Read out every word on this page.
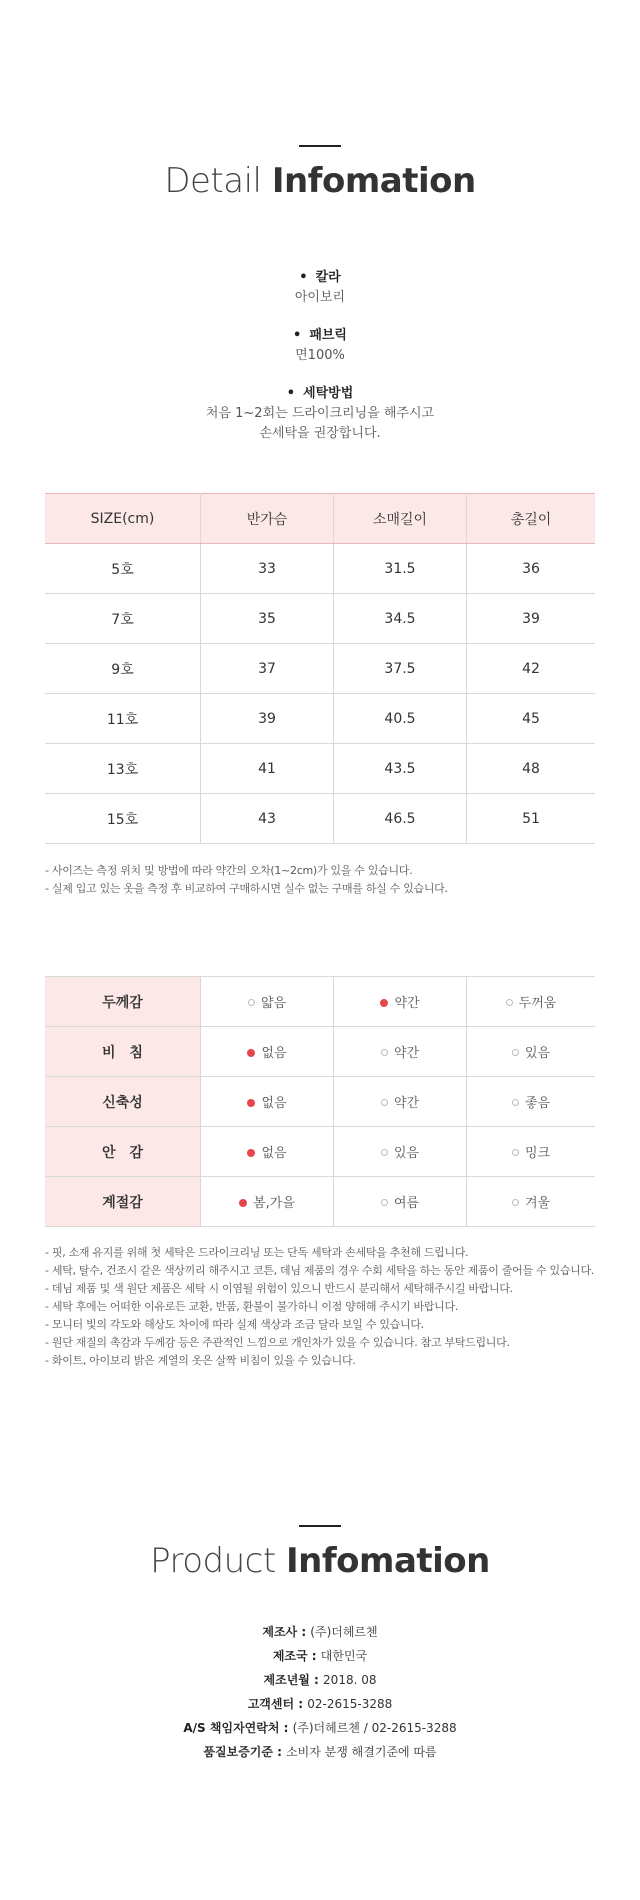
Detail Infomation
• 칼라
아이보리
• 패브릭
면100%
• 세탁방법
처음 1~2회는 드라이크리닝을 해주시고
손세탁을 권장합니다.
SIZE(cm)	반가슴	소매길이	총길이
5호	33	31.5	36
7호	35	34.5	39
9호	37	37.5	42
11호	39	40.5	45
13호	41	43.5	48
15호	43	46.5	51
- 사이즈는 측정 위치 및 방법에 따라 약간의 오차(1~2cm)가 있을 수 있습니다.
- 실제 입고 있는 옷을 측정 후 비교하여 구매하시면 실수 없는 구매를 하실 수 있습니다.
두께감	얇음	약간	두꺼움
비　침	없음	약간	있음
신축성	없음	약간	좋음
안　감	없음	있음	밍크
계절감	봄,가을	여름	겨울
- 핏, 소재 유지를 위해 첫 세탁은 드라이크리닝 또는 단독 세탁과 손세탁을 추천해 드립니다.
- 세탁, 탈수, 건조시 같은 색상끼리 해주시고 코튼, 데님 제품의 경우 수회 세탁을 하는 동안 제품이 줄어들 수 있습니다.
- 데님 제품 및 색 원단 제품은 세탁 시 이염될 위험이 있으니 반드시 분리해서 세탁해주시길 바랍니다.
- 세탁 후에는 어떠한 이유로든 교환, 반품, 환불이 불가하니 이점 양해해 주시기 바랍니다.
- 모니터 빛의 각도와 해상도 차이에 따라 실제 색상과 조금 달라 보일 수 있습니다.
- 원단 재질의 촉감과 두께감 등은 주관적인 느낌으로 개인차가 있을 수 있습니다. 참고 부탁드립니다.
- 화이트, 아이보리 밝은 계열의 옷은 살짝 비침이 있을 수 있습니다.
Product Infomation
제조사 : (주)더헤르첸
제조국 : 대한민국
제조년월 : 2018. 08
고객센터 : 02-2615-3288
A/S 책임자연락처 : (주)더헤르첸 / 02-2615-3288
품질보증기준 : 소비자 분쟁 해결기준에 따름
